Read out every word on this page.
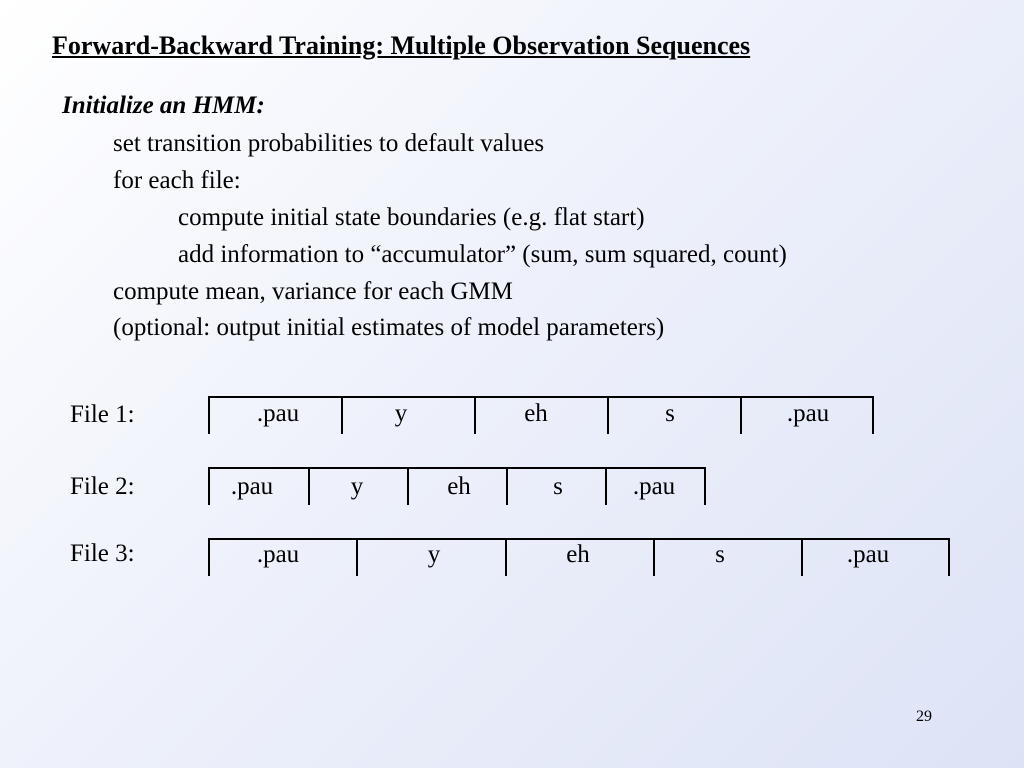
Forward-Backward Training: Multiple Observation Sequences
Initialize an HMM:
set transition probabilities to default values
for each file:
compute initial state boundaries (e.g. flat start)
add information to “accumulator” (sum, sum squared, count)
compute mean, variance for each GMM
(optional: output initial estimates of model parameters)
File 1:	.pau	y	eh	s	.pau
File 2:	.pau	y	eh	s	.pau
File 3:	.pau	y	eh	s	.pau
29
